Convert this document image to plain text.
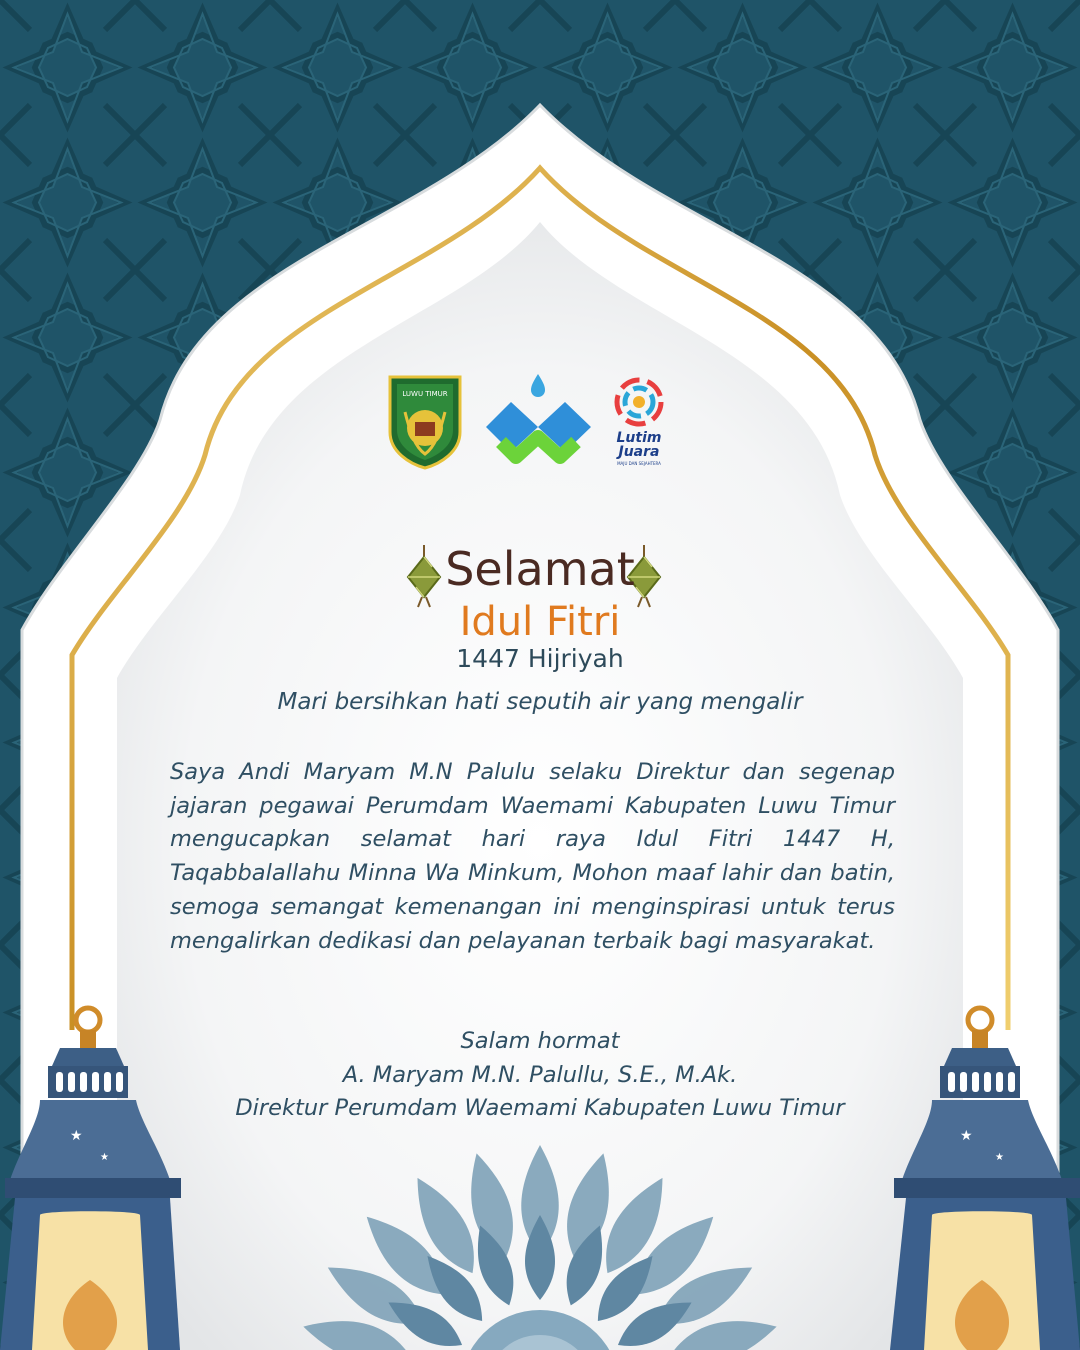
★
★
★
★
LUWU TIMUR
Lutim
Juara
MAJU DAN SEJAHTERA
Selamat
Idul Fitri
1447 Hijriyah
Mari bersihkan hati seputih air yang mengalir
Saya Andi Maryam M.N Palulu selaku Direktur dan segenap jajaran pegawai Perumdam Waemami Kabupaten Luwu Timur mengucapkan selamat hari raya Idul Fitri 1447 H, Taqabbalallahu Minna Wa Minkum, Mohon maaf lahir dan batin, semoga semangat kemenangan ini menginspirasi untuk terus mengalirkan dedikasi dan pelayanan terbaik bagi masyarakat.
Salam hormat
A. Maryam M.N. Palullu, S.E., M.Ak.
Direktur Perumdam Waemami Kabupaten Luwu Timur
